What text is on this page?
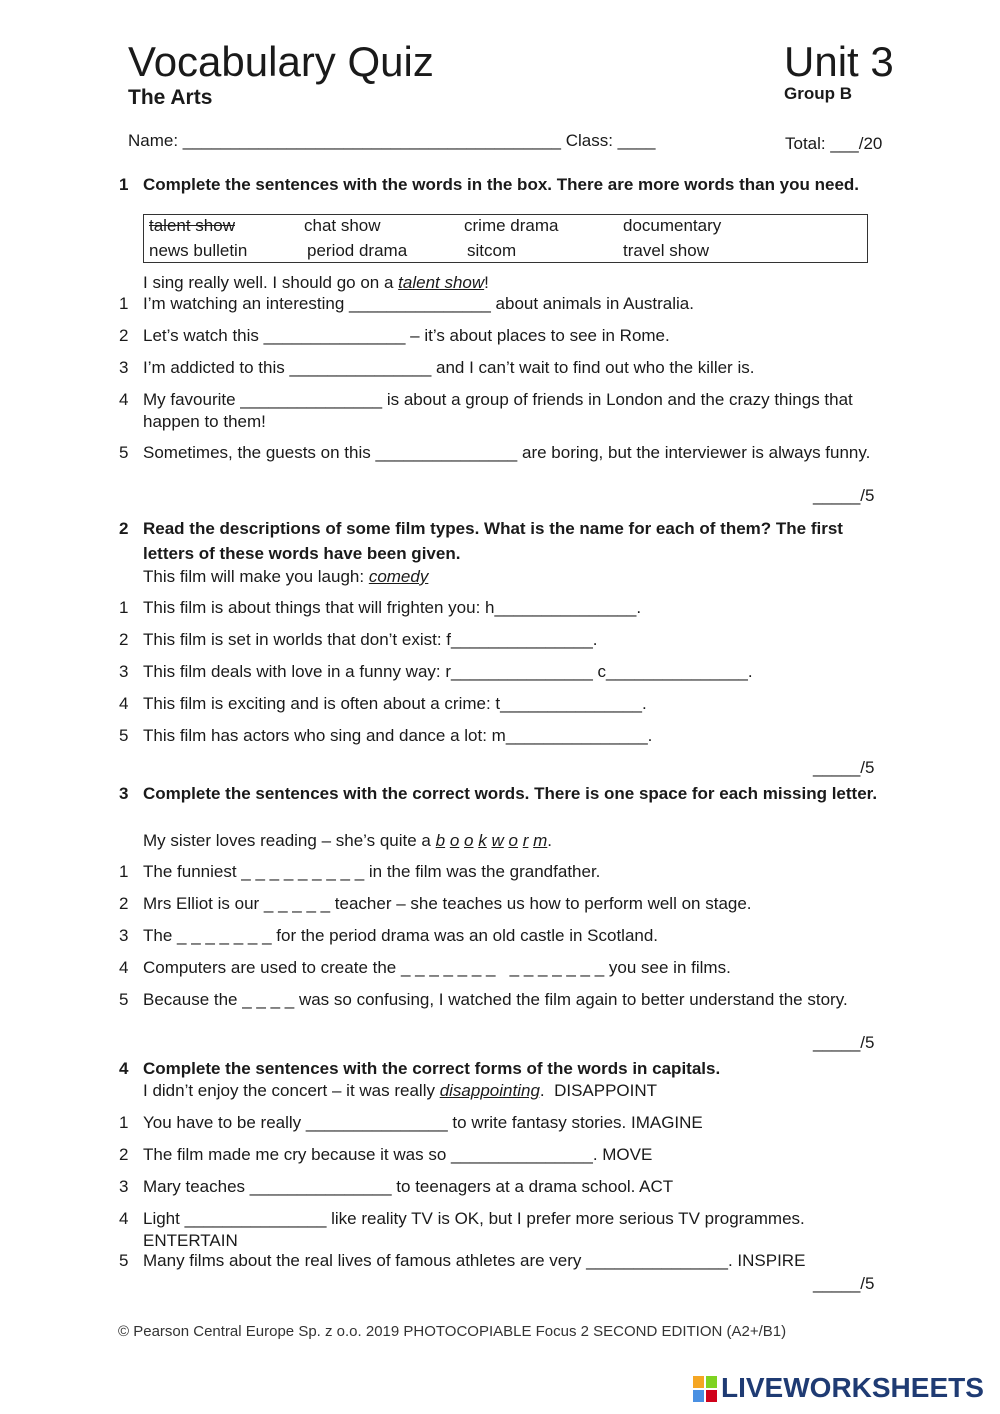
Vocabulary Quiz	Unit 3
The Arts	Group B
Name: ________________________________________ Class: ____	Total: ___/20
1 Complete the sentences with the words in the box. There are more words than you need.
talent show	chat show	crime drama	documentary
news bulletin	period drama	sitcom	travel show
I sing really well. I should go on a talent show!
1 I’m watching an interesting _______________ about animals in Australia.
2 Let’s watch this _______________ – it’s about places to see in Rome.
3 I’m addicted to this _______________ and I can’t wait to find out who the killer is.
4 My favourite _______________ is about a group of friends in London and the crazy things that happen to them!
5 Sometimes, the guests on this _______________ are boring, but the interviewer is always funny.
_____/5
2 Read the descriptions of some film types. What is the name for each of them? The first letters of these words have been given.
This film will make you laugh: comedy
1 This film is about things that will frighten you: h_______________.
2 This film is set in worlds that don’t exist: f_______________.
3 This film deals with love in a funny way: r_______________ c_______________.
4 This film is exciting and is often about a crime: t_______________.
5 This film has actors who sing and dance a lot: m_______________.
_____/5
3 Complete the sentences with the correct words. There is one space for each missing letter.
My sister loves reading – she’s quite a b o o k w o r m.
1 The funniest _ _ _ _ _ _ _ _ _ in the film was the grandfather.
2 Mrs Elliot is our _ _ _ _ _ teacher – she teaches us how to perform well on stage.
3 The _ _ _ _ _ _ _ for the period drama was an old castle in Scotland.
4 Computers are used to create the _ _ _ _ _ _ _   _ _ _ _ _ _ _ you see in films.
5 Because the _ _ _ _ was so confusing, I watched the film again to better understand the story.
_____/5
4 Complete the sentences with the correct forms of the words in capitals.
I didn’t enjoy the concert – it was really disappointing.  DISAPPOINT
1 You have to be really _______________ to write fantasy stories. IMAGINE
2 The film made me cry because it was so _______________. MOVE
3 Mary teaches _______________ to teenagers at a drama school. ACT
4 Light _______________ like reality TV is OK, but I prefer more serious TV programmes. ENTERTAIN
5 Many films about the real lives of famous athletes are very _______________. INSPIRE
_____/5
© Pearson Central Europe Sp. z o.o. 2019 PHOTOCOPIABLE Focus 2 SECOND EDITION (A2+/B1)
LIVEWORKSHEETS
